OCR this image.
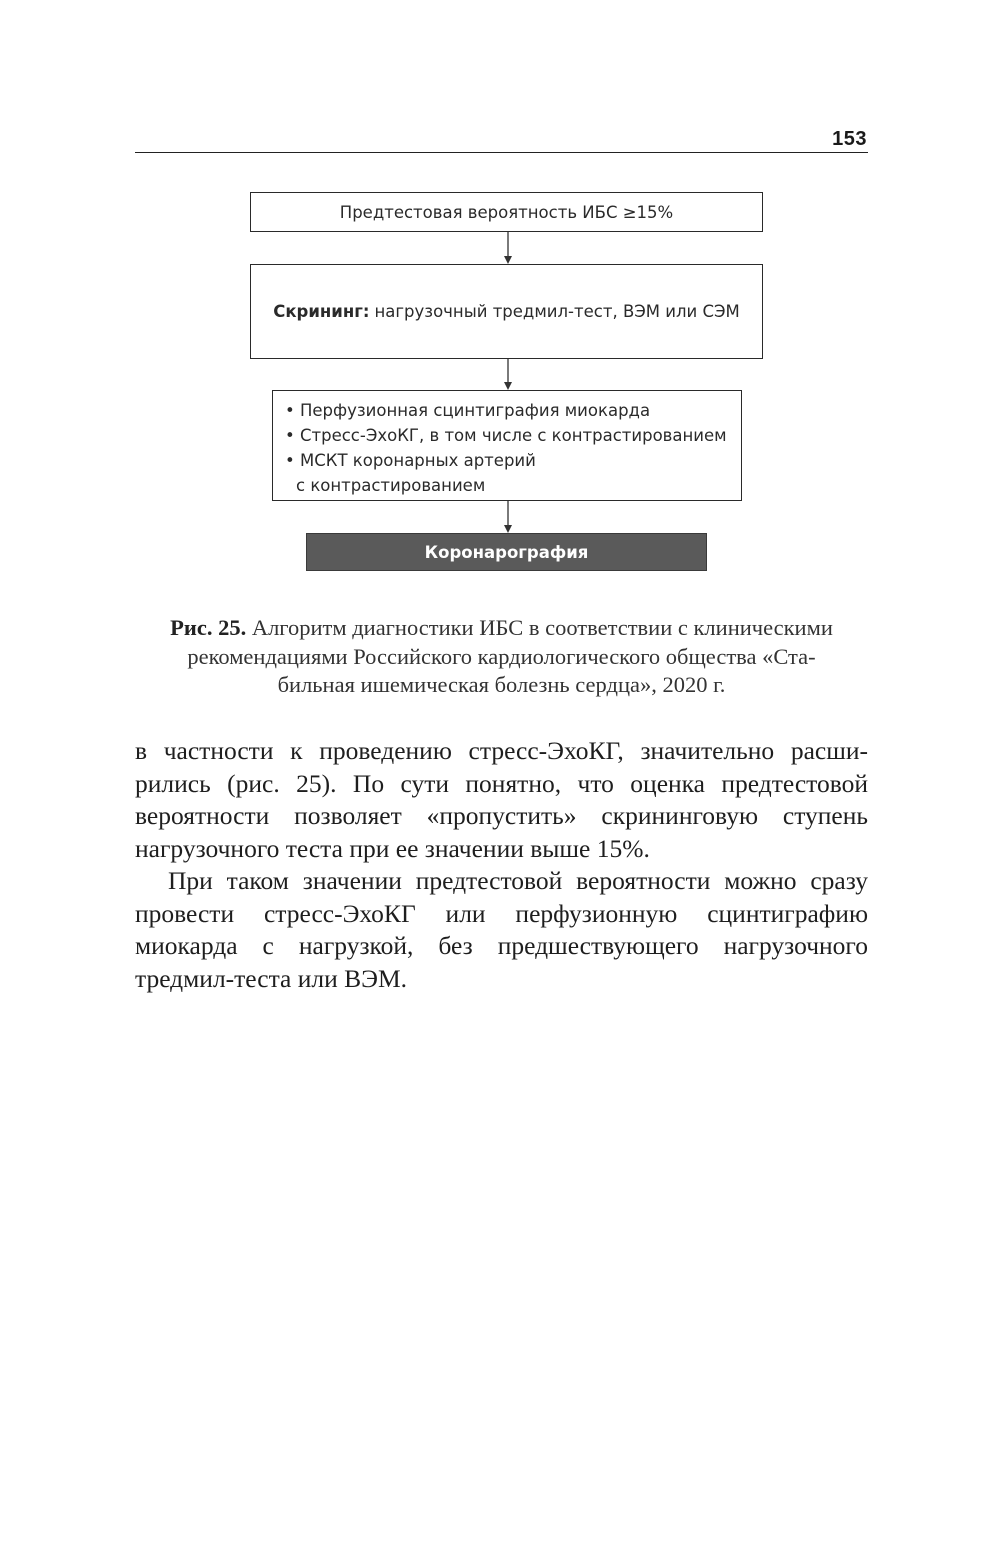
153
Предтестовая вероятность ИБС ≥15%
Скрининг: нагрузочный тредмил-тест, ВЭМ или СЭМ
• Перфузионная сцинтиграфия миокарда
• Стресс-ЭхоКГ, в том числе с контрастированием
• МСКТ коронарных артерий
с контрастированием
Коронарография
Рис. 25. Алгоритм диагностики ИБС в соответствии с клиническими
рекомендациями Российского кардиологического общества «Ста-
бильная ишемическая болезнь сердца», 2020 г.

в частности к проведению стресс-ЭхоКГ, значительно расши-
рились (рис. 25). По сути понятно, что оценка предтестовой
вероятности позволяет «пропустить» скрининговую ступень
нагрузочного теста при ее значении выше 15%.

При таком значении предтестовой вероятности можно сразу
провести стресс-ЭхоКГ или перфузионную сцинтиграфию
миокарда с нагрузкой, без предшествующего нагрузочного
тредмил-теста или ВЭМ.
